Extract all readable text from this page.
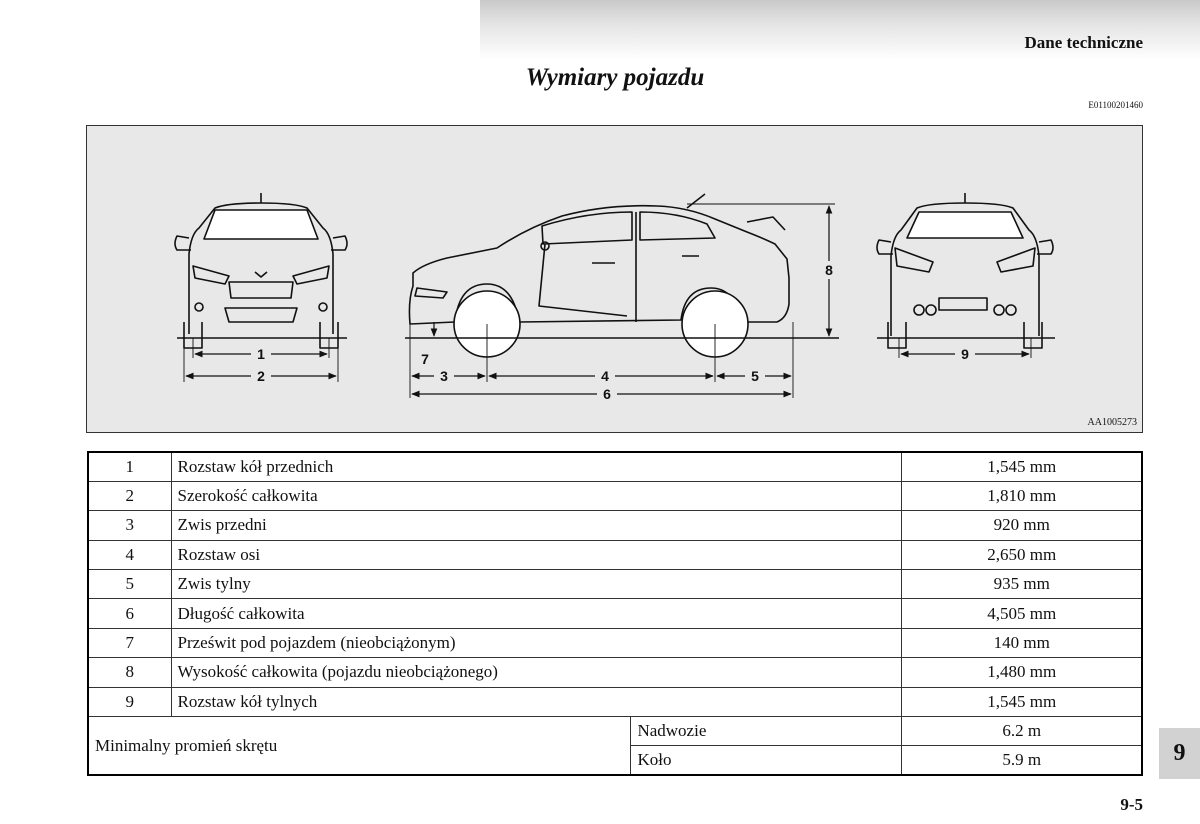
Dane techniczne
Wymiary pojazdu
E01100201460
1
2	3	4	5
6
7
8
9
AA1005273
1	Rozstaw kół przednich		1,545 mm
2	Szerokość całkowita		1,810 mm
3	Zwis przedni		920 mm
4	Rozstaw osi		2,650 mm
5	Zwis tylny		935 mm
6	Długość całkowita		4,505 mm
7	Prześwit pod pojazdem (nieobciążonym)		140 mm
8	Wysokość całkowita (pojazdu nieobciążonego)		1,480 mm
9	Rozstaw kół tylnych		1,545 mm
Minimalny promień skrętu		Nadwozie	6.2 m
		Koło	5.9 m	9
9-5
